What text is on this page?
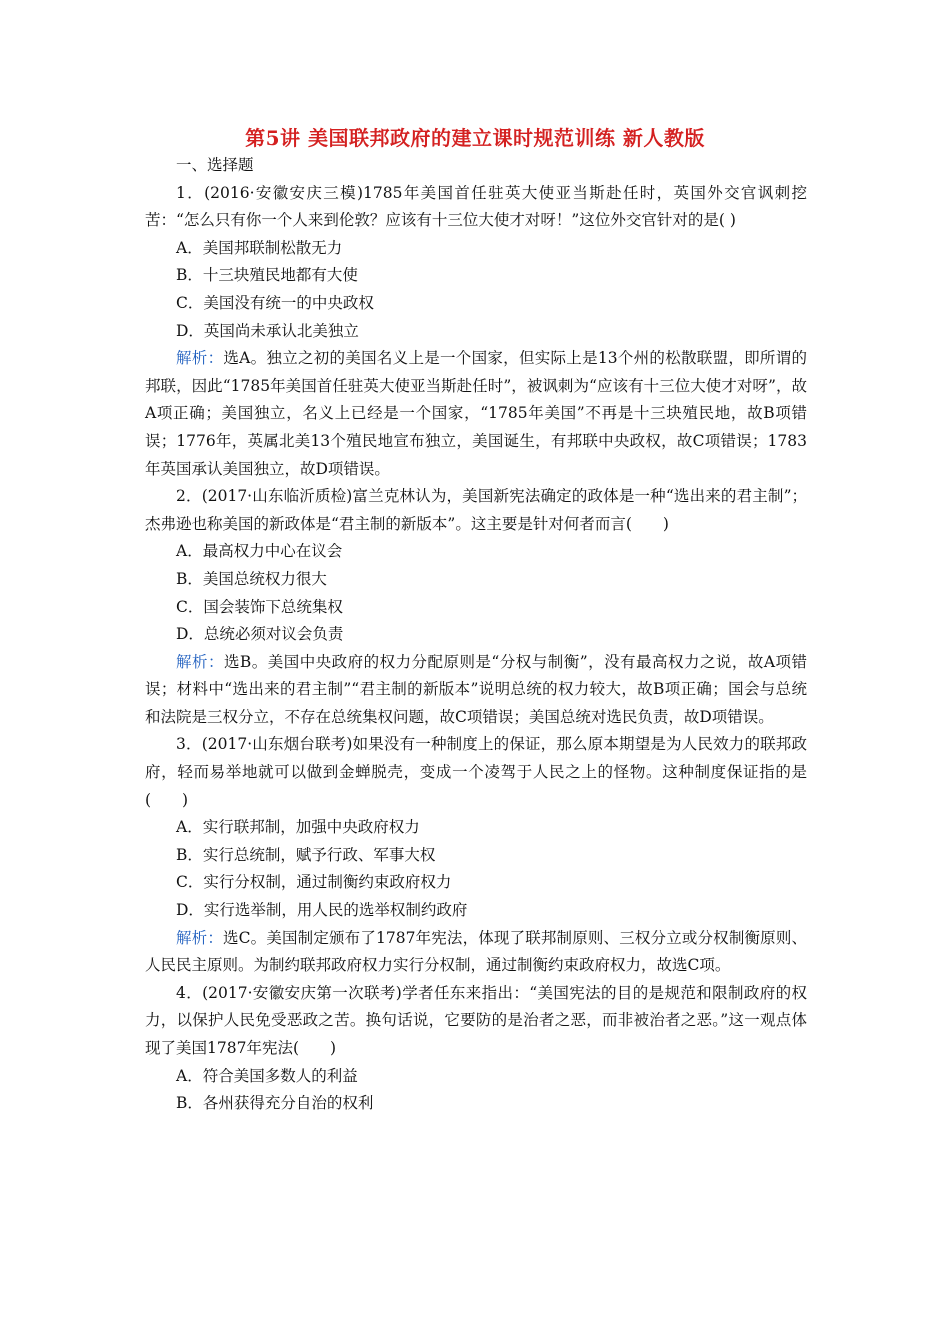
第5讲 美国联邦政府的建立课时规范训练 新人教版

一、选择题

1．(2016·安徽安庆三模)1785年美国首任驻英大使亚当斯赴任时，英国外交官讽刺挖苦：“怎么只有你一个人来到伦敦？应该有十三位大使才对呀！”这位外交官针对的是( )

A．美国邦联制松散无力

B．十三块殖民地都有大使

C．美国没有统一的中央政权

D．英国尚未承认北美独立

解析：选A。独立之初的美国名义上是一个国家，但实际上是13个州的松散联盟，即所谓的邦联，因此“1785年美国首任驻英大使亚当斯赴任时”，被讽刺为“应该有十三位大使才对呀”，故A项正确；美国独立，名义上已经是一个国家，“1785年美国”不再是十三块殖民地，故B项错误；1776年，英属北美13个殖民地宣布独立，美国诞生，有邦联中央政权，故C项错误；1783年英国承认美国独立，故D项错误。

2．(2017·山东临沂质检)富兰克林认为，美国新宪法确定的政体是一种“选出来的君主制”；杰弗逊也称美国的新政体是“君主制的新版本”。这主要是针对何者而言(　　)

A．最高权力中心在议会

B．美国总统权力很大

C．国会装饰下总统集权

D．总统必须对议会负责

解析：选B。美国中央政府的权力分配原则是“分权与制衡”，没有最高权力之说，故A项错误；材料中“选出来的君主制”“君主制的新版本”说明总统的权力较大，故B项正确；国会与总统和法院是三权分立，不存在总统集权问题，故C项错误；美国总统对选民负责，故D项错误。

3．(2017·山东烟台联考)如果没有一种制度上的保证，那么原本期望是为人民效力的联邦政府，轻而易举地就可以做到金蝉脱壳，变成一个凌驾于人民之上的怪物。这种制度保证指的是(　　)

A．实行联邦制，加强中央政府权力

B．实行总统制，赋予行政、军事大权

C．实行分权制，通过制衡约束政府权力

D．实行选举制，用人民的选举权制约政府

解析：选C。美国制定颁布了1787年宪法，体现了联邦制原则、三权分立或分权制衡原则、人民民主原则。为制约联邦政府权力实行分权制，通过制衡约束政府权力，故选C项。

4．(2017·安徽安庆第一次联考)学者任东来指出：“美国宪法的目的是规范和限制政府的权力，以保护人民免受恶政之苦。换句话说，它要防的是治者之恶，而非被治者之恶。”这一观点体现了美国1787年宪法(　　)

A．符合美国多数人的利益

B．各州获得充分自治的权利
